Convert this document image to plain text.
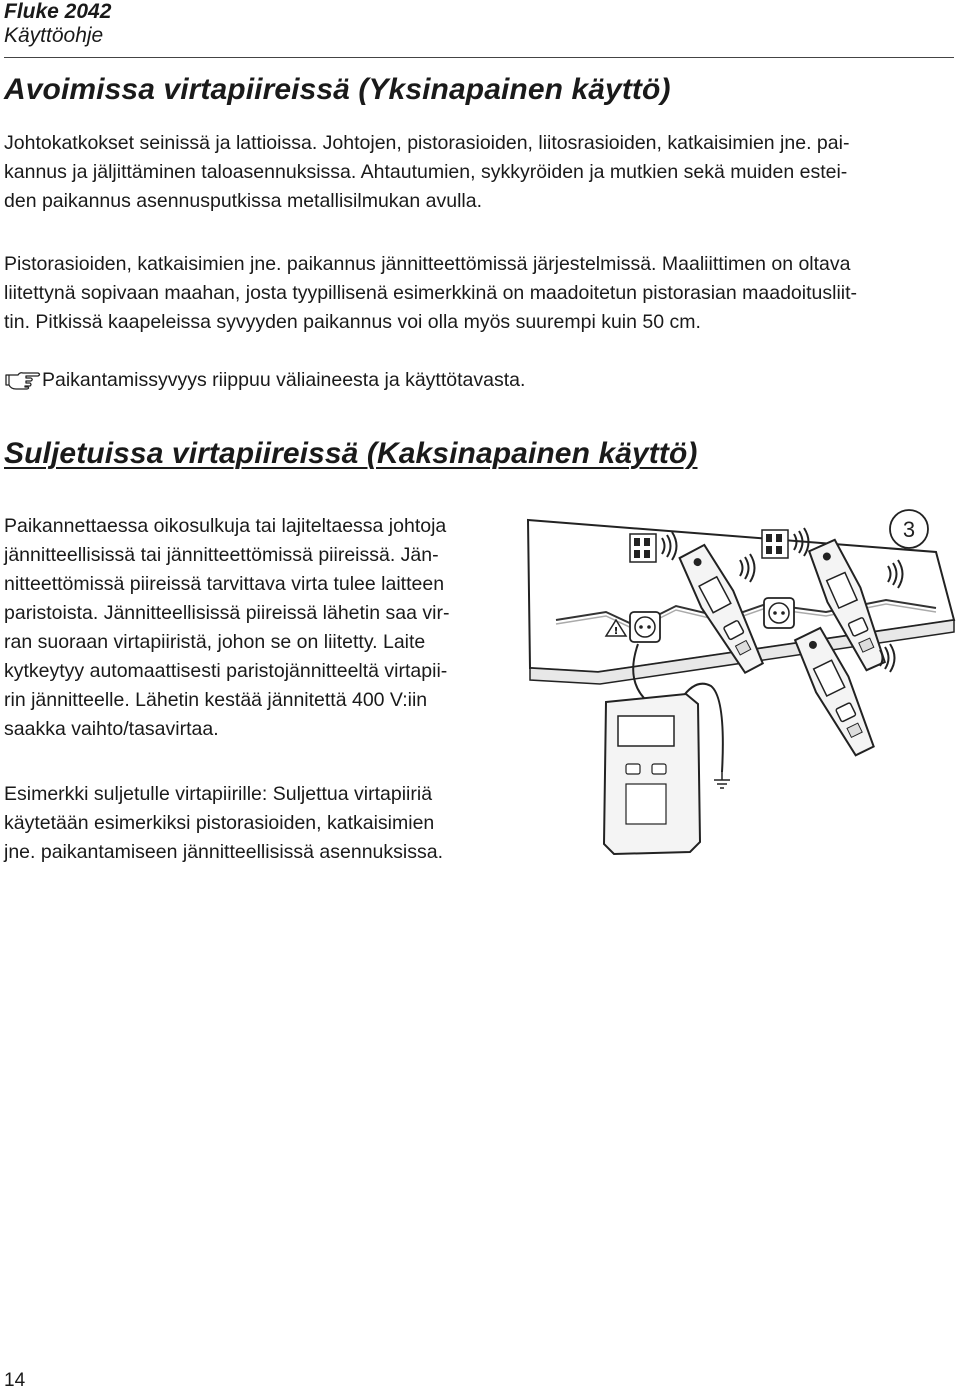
Fluke 2042
Käyttöohje
Avoimissa virtapiireissä (Yksinapainen käyttö)

Johtokatkokset seinissä ja lattioissa. Johtojen, pistorasioiden, liitosrasioiden, katkaisimien jne. pai-
kannus ja jäljittäminen taloasennuksissa. Ahtautumien, sykkyröiden ja mutkien sekä muiden estei-
den paikannus asennusputkissa metallisilmukan avulla.

Pistorasioiden, katkaisimien jne. paikannus jännitteettömissä järjestelmissä. Maaliittimen on oltava
liitettynä sopivaan maahan, josta tyypillisenä esimerkkinä on maadoitetun pistorasian maadoitusliit-
tin. Pitkissä kaapeleissa syvyyden paikannus voi olla myös suurempi kuin 50 cm.

Paikantamissyvyys riippuu väliaineesta ja käyttötavasta.
Suljetuissa virtapiireissä (Kaksinapainen käyttö)

Paikannettaessa oikosulkuja tai lajiteltaessa johtoja
jännitteellisissä tai jännitteettömissä piireissä. Jän-
nitteettömissä piireissä tarvittava virta tulee laitteen
paristoista. Jännitteellisissä piireissä lähetin saa vir-
ran suoraan virtapiiristä, johon se on liitetty. Laite
kytkeytyy automaattisesti paristojännitteeltä virtapii-
rin jännitteelle. Lähetin kestää jännitettä 400 V:iin
saakka vaihto/tasavirtaa.

Esimerkki suljetulle virtapiirille: Suljettua virtapiiriä
käytetään esimerkiksi pistorasioiden, katkaisimien
jne. paikantamiseen jännitteellisissä asennuksissa.

!
3
14
